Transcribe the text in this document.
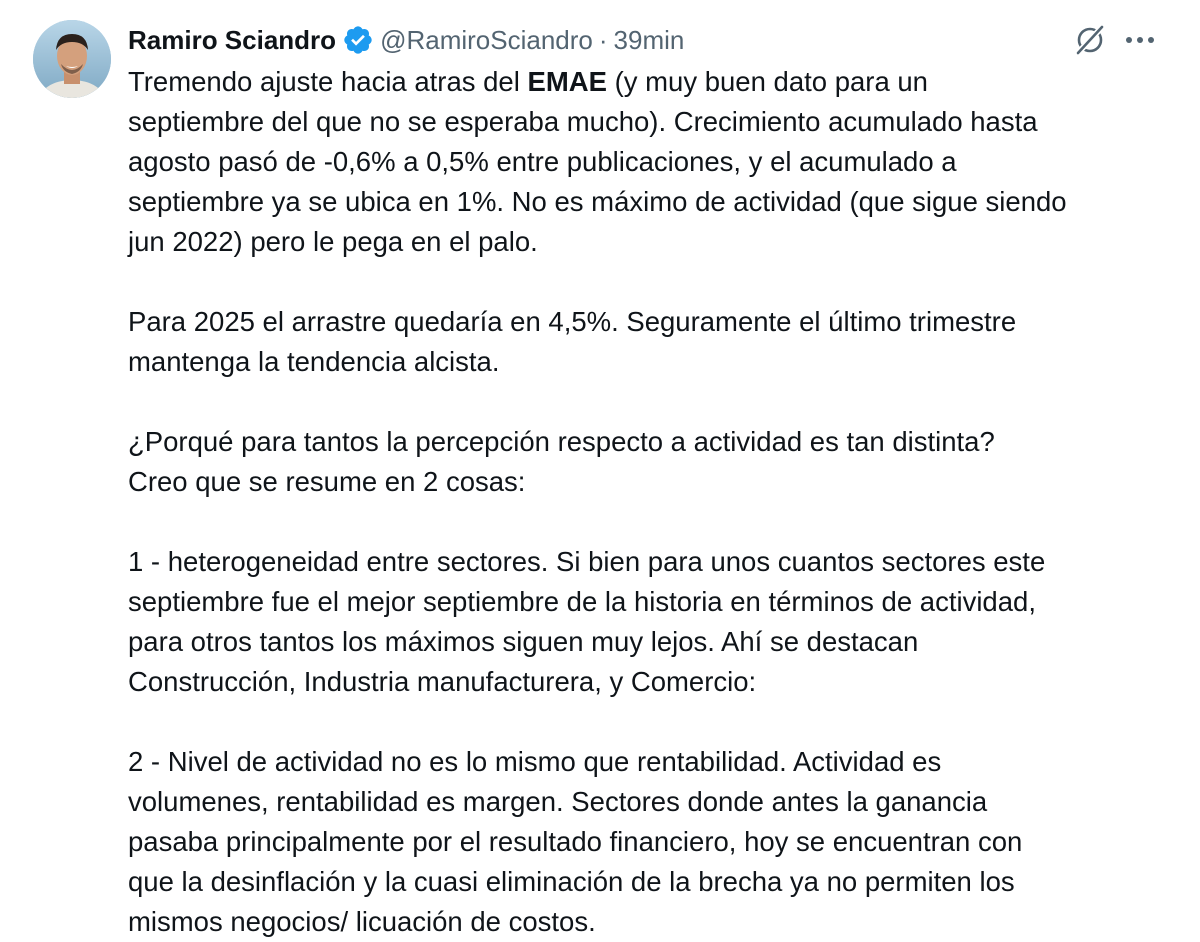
Ramiro Sciandro @RamiroSciandro · 39min

Tremendo ajuste hacia atras del EMAE (y muy buen dato para un
septiembre del que no se esperaba mucho). Crecimiento acumulado hasta
agosto pasó de -0,6% a 0,5% entre publicaciones, y el acumulado a
septiembre ya se ubica en 1%. No es máximo de actividad (que sigue siendo
jun 2022) pero le pega en el palo.

Para 2025 el arrastre quedaría en 4,5%. Seguramente el último trimestre
mantenga la tendencia alcista.

¿Porqué para tantos la percepción respecto a actividad es tan distinta?
Creo que se resume en 2 cosas:

1 - heterogeneidad entre sectores. Si bien para unos cuantos sectores este
septiembre fue el mejor septiembre de la historia en términos de actividad,
para otros tantos los máximos siguen muy lejos. Ahí se destacan
Construcción, Industria manufacturera, y Comercio:

2 - Nivel de actividad no es lo mismo que rentabilidad. Actividad es
volumenes, rentabilidad es margen. Sectores donde antes la ganancia
pasaba principalmente por el resultado financiero, hoy se encuentran con
que la desinflación y la cuasi eliminación de la brecha ya no permiten los
mismos negocios/ licuación de costos.
